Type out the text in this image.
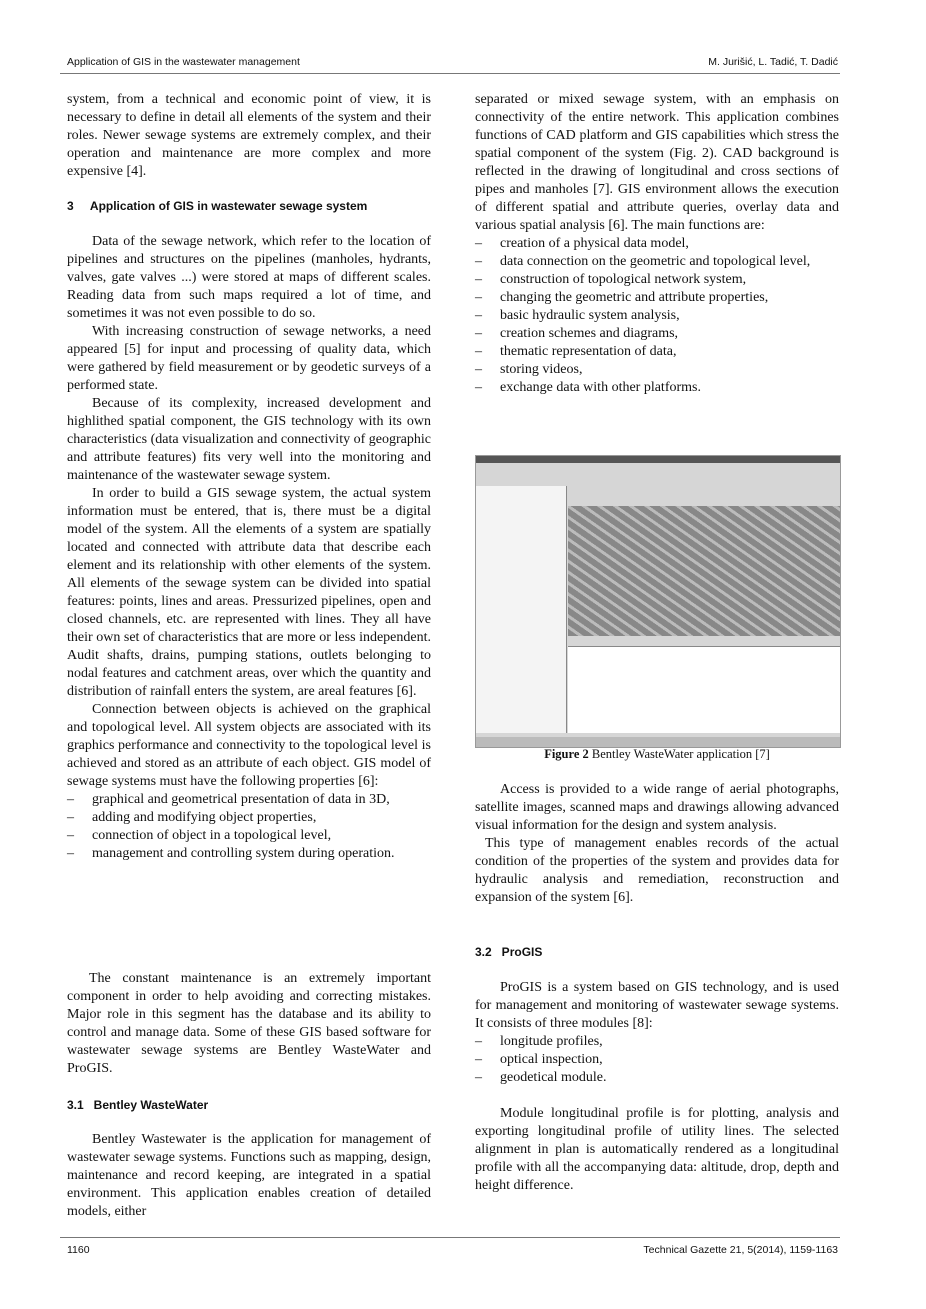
Application of GIS in the wastewater management	M. Jurišić, L. Tadić, T. Dadić

system, from a technical and economic point of view, it is necessary to define in detail all elements of the system and their roles. Newer sewage systems are extremely complex, and their operation and maintenance are more complex and more expensive [4].

3     Application of GIS in wastewater sewage system

Data of the sewage network, which refer to the location of pipelines and structures on the pipelines (manholes, hydrants, valves, gate valves ...) were stored at maps of different scales. Reading data from such maps required a lot of time, and sometimes it was not even possible to do so.

With increasing construction of sewage networks, a need appeared [5] for input and processing of quality data, which were gathered by field measurement or by geodetic surveys of a performed state.

Because of its complexity, increased development and highlithed spatial component, the GIS technology with its own characteristics (data visualization and connectivity of geographic and attribute features) fits very well into the monitoring and maintenance of the wastewater sewage system.

In order to build a GIS sewage system, the actual system information must be entered, that is, there must be a digital model of the system. All the elements of a system are spatially located and connected with attribute data that describe each element and its relationship with other elements of the system. All elements of the sewage system can be divided into spatial features: points, lines and areas. Pressurized pipelines, open and closed channels, etc. are represented with lines. They all have their own set of characteristics that are more or less independent. Audit shafts, drains, pumping stations, outlets belonging to nodal features and catchment areas, over which the quantity and distribution of rainfall enters the system, are areal features [6].

Connection between objects is achieved on the graphical and topological level. All system objects are associated with its graphics performance and connectivity to the topological level is achieved and stored as an attribute of each object. GIS model of sewage systems must have the following properties [6]:

– graphical and geometrical presentation of data in 3D,
– adding and modifying object properties,
– connection of object in a topological level,
– management and controlling system during operation.

The constant maintenance is an extremely important component in order to help avoiding and correcting mistakes. Major role in this segment has the database and its ability to control and manage data. Some of these GIS based software for wastewater sewage systems are Bentley WasteWater and ProGIS.

3.1   Bentley WasteWater

Bentley Wastewater is the application for management of wastewater sewage systems. Functions such as mapping, design, maintenance and record keeping, are integrated in a spatial environment. This application enables creation of detailed models, either

separated or mixed sewage system, with an emphasis on connectivity of the entire network. This application combines functions of CAD platform and GIS capabilities which stress the spatial component of the system (Fig. 2). CAD background is reflected in the drawing of longitudinal and cross sections of pipes and manholes [7]. GIS environment allows the execution of different spatial and attribute queries, overlay data and various spatial analysis [6]. The main functions are:

– creation of a physical data model,
– data connection on the geometric and topological level,
– construction of topological network system,
– changing the geometric and attribute properties,
– basic hydraulic system analysis,
– creation schemes and diagrams,
– thematic representation of data,
– storing videos,
– exchange data with other platforms.
Figure 2 Bentley WasteWater application [7]

Access is provided to a wide range of aerial photographs, satellite images, scanned maps and drawings allowing advanced visual information for the design and system analysis.

This type of management enables records of the actual condition of the properties of the system and provides data for hydraulic analysis and remediation, reconstruction and expansion of the system [6].

3.2   ProGIS

ProGIS is a system based on GIS technology, and is used for management and monitoring of wastewater sewage systems. It consists of three modules [8]:

– longitude profiles,
– optical inspection,
– geodetical module.

Module longitudinal profile is for plotting, analysis and exporting longitudinal profile of utility lines. The selected alignment in plan is automatically rendered as a longitudinal profile with all the accompanying data: altitude, drop, depth and height difference.

1160	Technical Gazette 21, 5(2014), 1159-1163
